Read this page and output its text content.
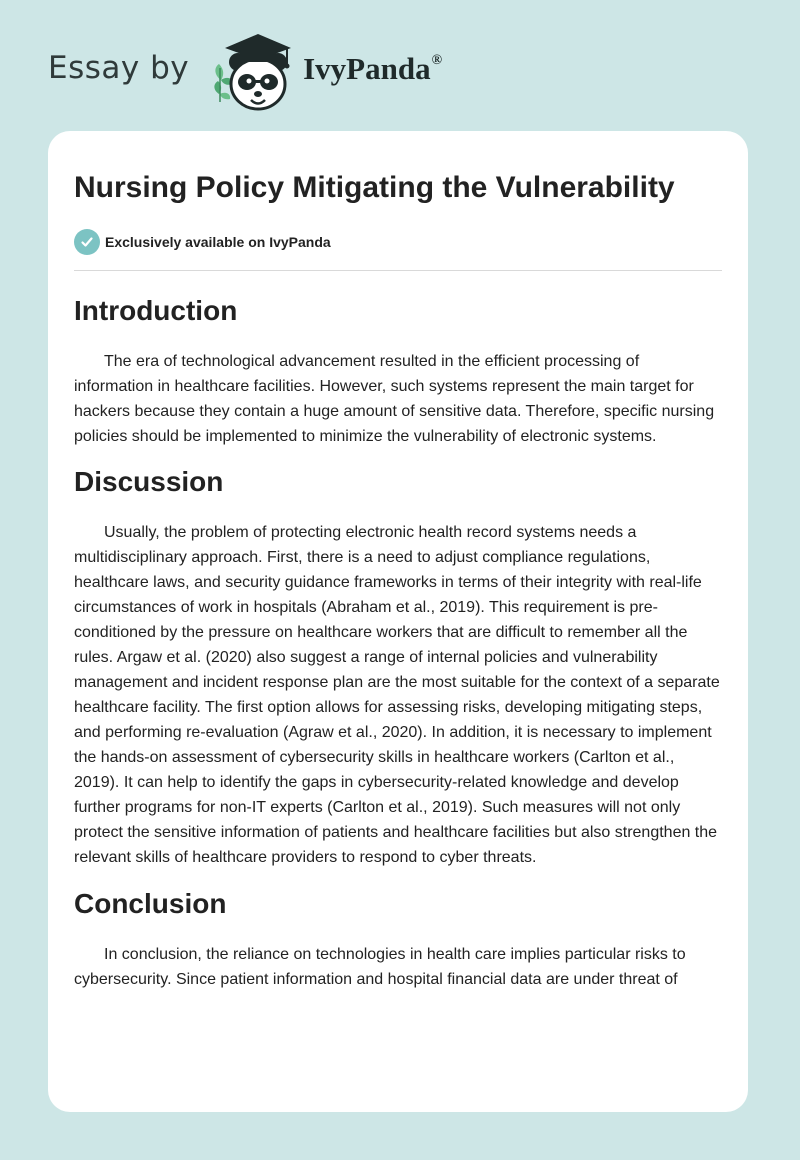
Essay by	IvyPanda®
Nursing Policy Mitigating the Vulnerability
Exclusively available on IvyPanda
Introduction

The era of technological advancement resulted in the efficient processing of information in healthcare facilities. However, such systems represent the main target for hackers because they contain a huge amount of sensitive data. Therefore, specific nursing policies should be implemented to minimize the vulnerability of electronic systems.

Discussion

Usually, the problem of protecting electronic health record systems needs a multidisciplinary approach. First, there is a need to adjust compliance regulations, healthcare laws, and security guidance frameworks in terms of their integrity with real-life circumstances of work in hospitals (Abraham et al., 2019). This requirement is pre-conditioned by the pressure on healthcare workers that are difficult to remember all the rules. Argaw et al. (2020) also suggest a range of internal policies and vulnerability management and incident response plan are the most suitable for the context of a separate healthcare facility. The first option allows for assessing risks, developing mitigating steps, and performing re-evaluation (Agraw et al., 2020). In addition, it is necessary to implement the hands-on assessment of cybersecurity skills in healthcare workers (Carlton et al., 2019). It can help to identify the gaps in cybersecurity-related knowledge and develop further programs for non-IT experts (Carlton et al., 2019). Such measures will not only protect the sensitive information of patients and healthcare facilities but also strengthen the relevant skills of healthcare providers to respond to cyber threats.

Conclusion

In conclusion, the reliance on technologies in health care implies particular risks to cybersecurity. Since patient information and hospital financial data are under threat of
